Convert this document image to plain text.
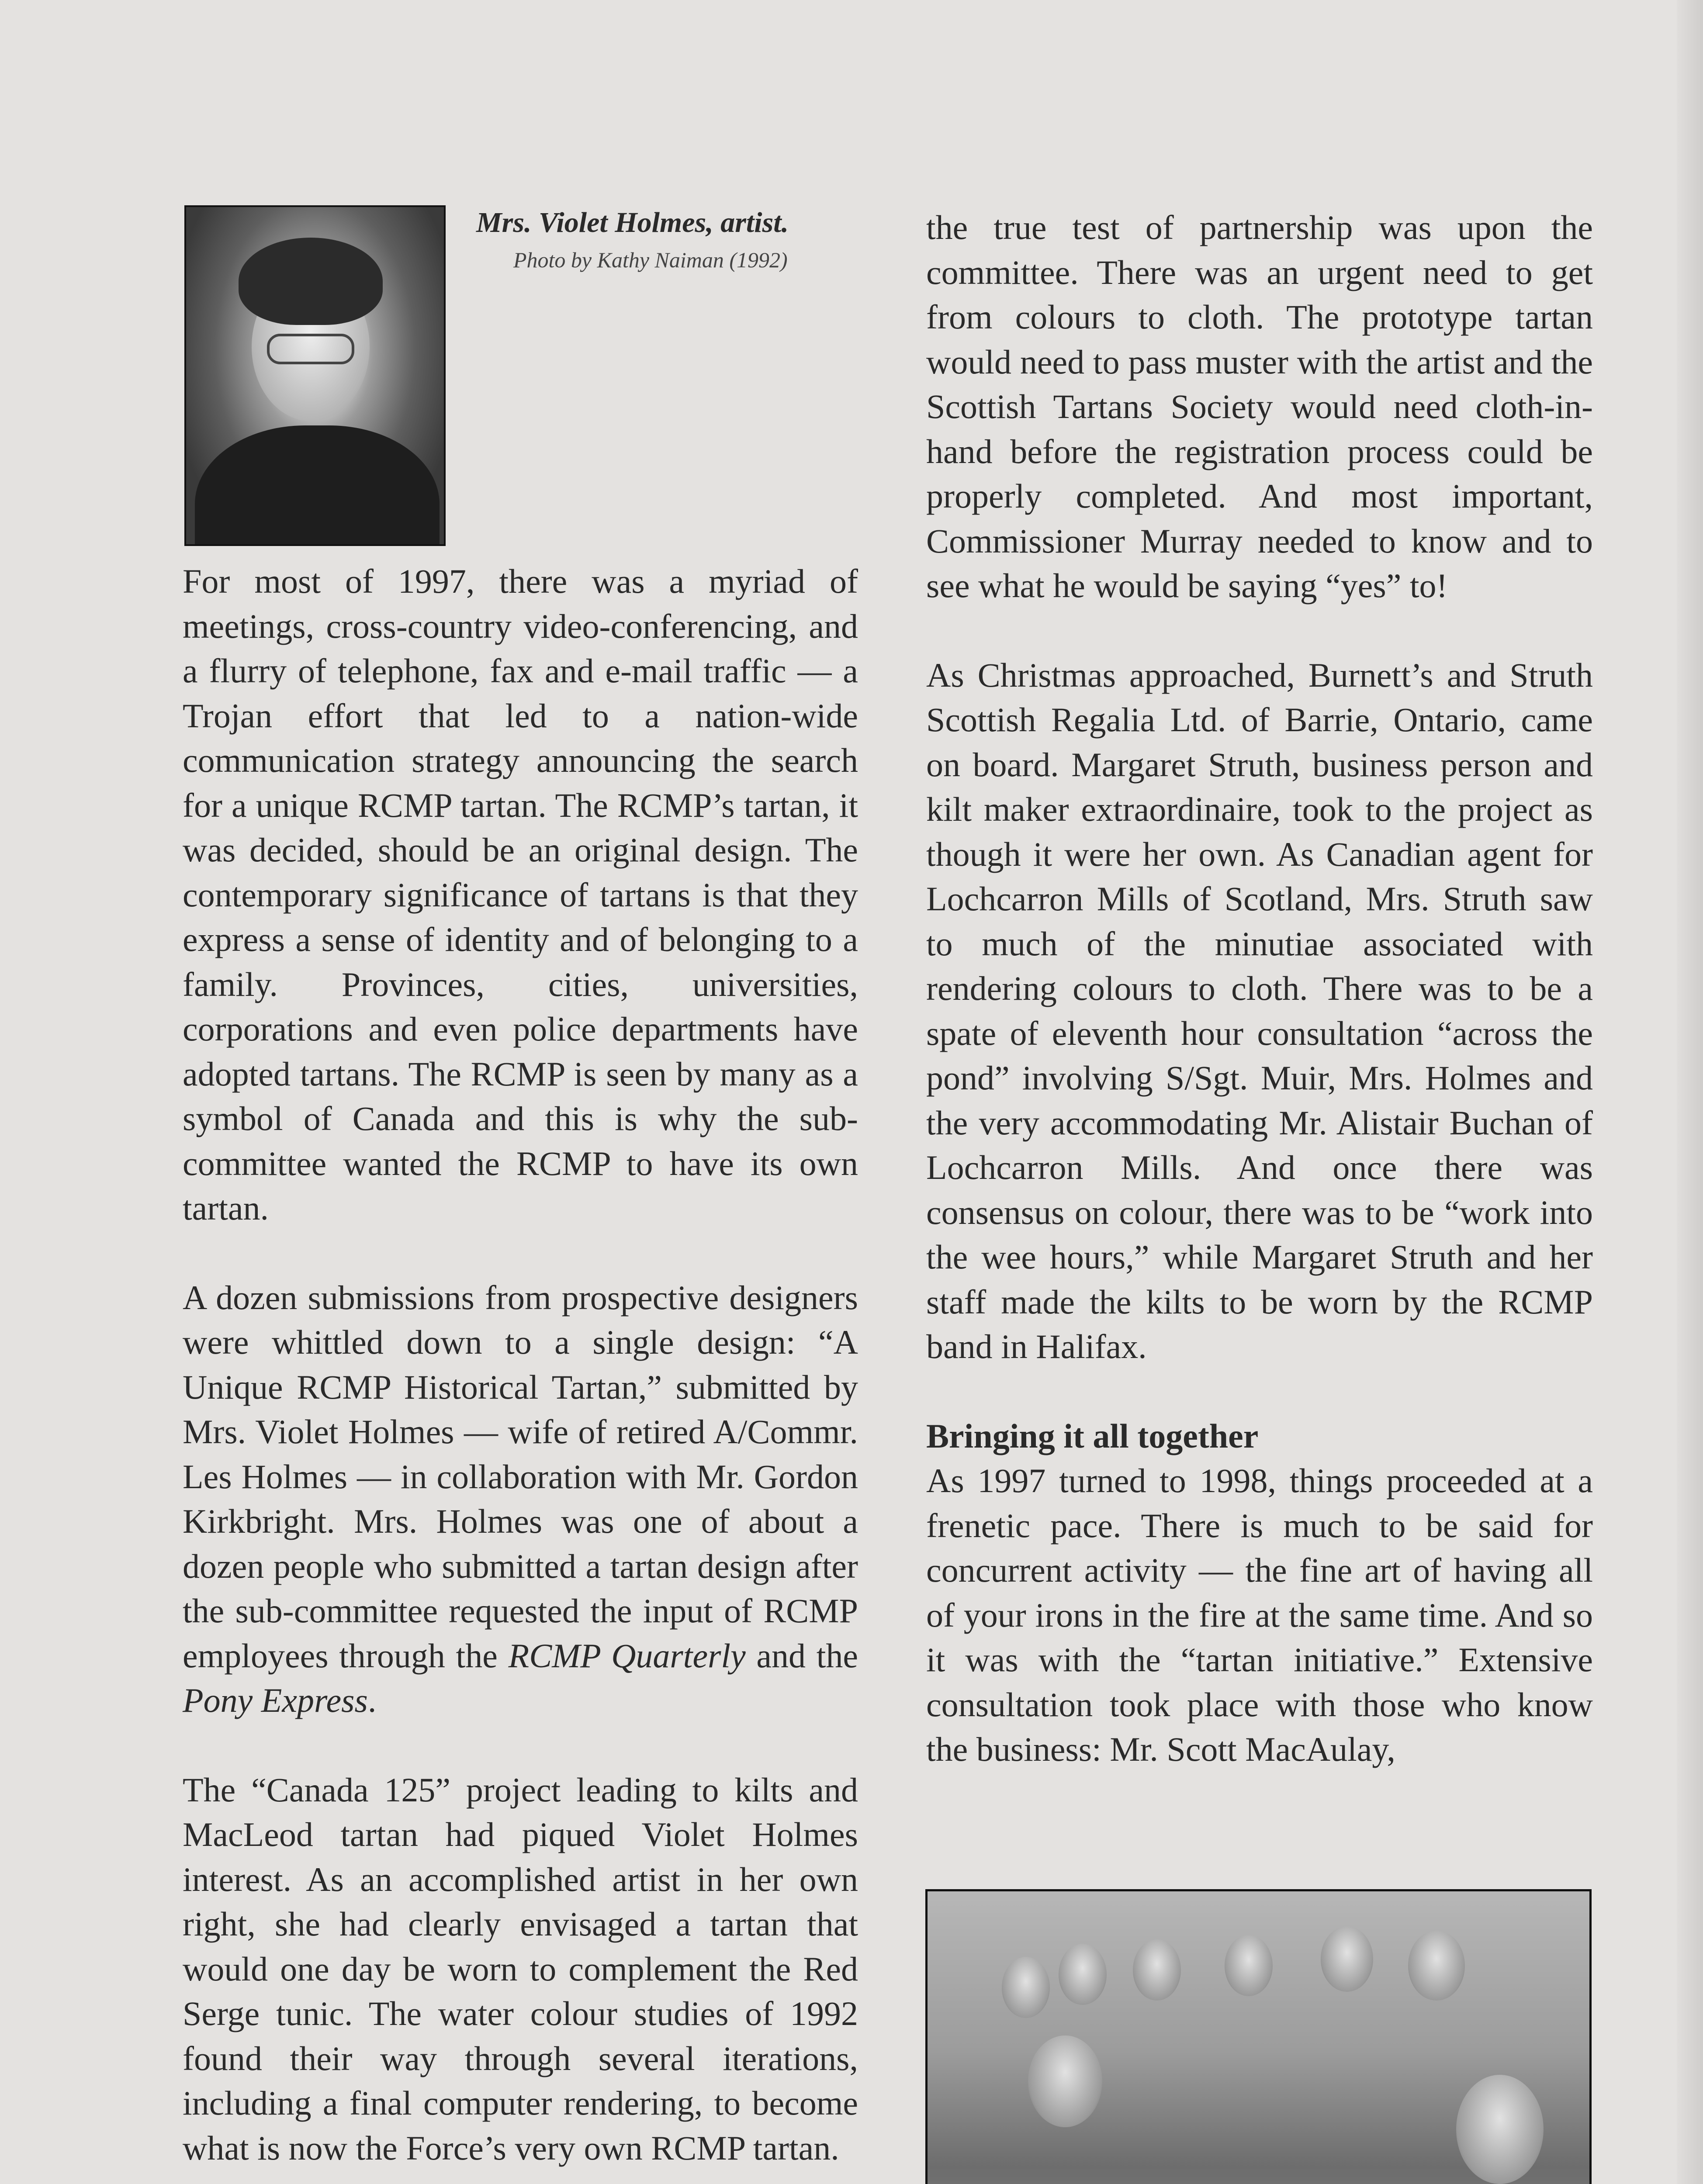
Mrs. Violet Holmes, artist.
Photo by Kathy Naiman (1992)

For most of 1997, there was a myriad of meetings, cross-country video-conferencing, and a flurry of telephone, fax and e-mail traffic — a Trojan effort that led to a nation-wide communication strategy announcing the search for a unique RCMP tartan. The RCMP’s tartan, it was decided, should be an original design. The contemporary significance of tartans is that they express a sense of identity and of belonging to a family. Provinces, cities, universities, corporations and even police departments have adopted tartans. The RCMP is seen by many as a symbol of Canada and this is why the sub-committee wanted the RCMP to have its own tartan.

A dozen submissions from prospective designers were whittled down to a single design: “A Unique RCMP Historical Tartan,” submitted by Mrs. Violet Holmes — wife of retired A/Commr. Les Holmes — in collaboration with Mr. Gordon Kirkbright. Mrs. Holmes was one of about a dozen people who submitted a tartan design after the sub-committee requested the input of RCMP employees through the RCMP Quarterly and the Pony Express.

The “Canada 125” project leading to kilts and MacLeod tartan had piqued Violet Holmes interest. As an accomplished artist in her own right, she had clearly envisaged a tartan that would one day be worn to complement the Red Serge tunic. The water colour studies of 1992 found their way through several iterations, including a final computer rendering, to become what is now the Force’s very own RCMP tartan.

the true test of partnership was upon the committee. There was an urgent need to get from colours to cloth. The prototype tartan would need to pass muster with the artist and the Scottish Tartans Society would need cloth-in-hand before the registration process could be properly completed. And most important, Commissioner Murray needed to know and to see what he would be saying “yes” to!

As Christmas approached, Burnett’s and Struth Scottish Regalia Ltd. of Barrie, Ontario, came on board. Margaret Struth, business person and kilt maker extraordinaire, took to the project as though it were her own. As Canadian agent for Lochcarron Mills of Scotland, Mrs. Struth saw to much of the minutiae associated with rendering colours to cloth. There was to be a spate of eleventh hour consultation “across the pond” involving S/Sgt. Muir, Mrs. Holmes and the very accommodating Mr. Alistair Buchan of Lochcarron Mills. And once there was consensus on colour, there was to be “work into the wee hours,” while Margaret Struth and her staff made the kilts to be worn by the RCMP band in Halifax.

Bringing it all together

As 1997 turned to 1998, things proceeded at a frenetic pace. There is much to be said for concurrent activity — the fine art of having all of your irons in the fire at the same time. And so it was with the “tartan initiative.” Extensive consultation took place with those who know the business: Mr. Scott MacAulay,
